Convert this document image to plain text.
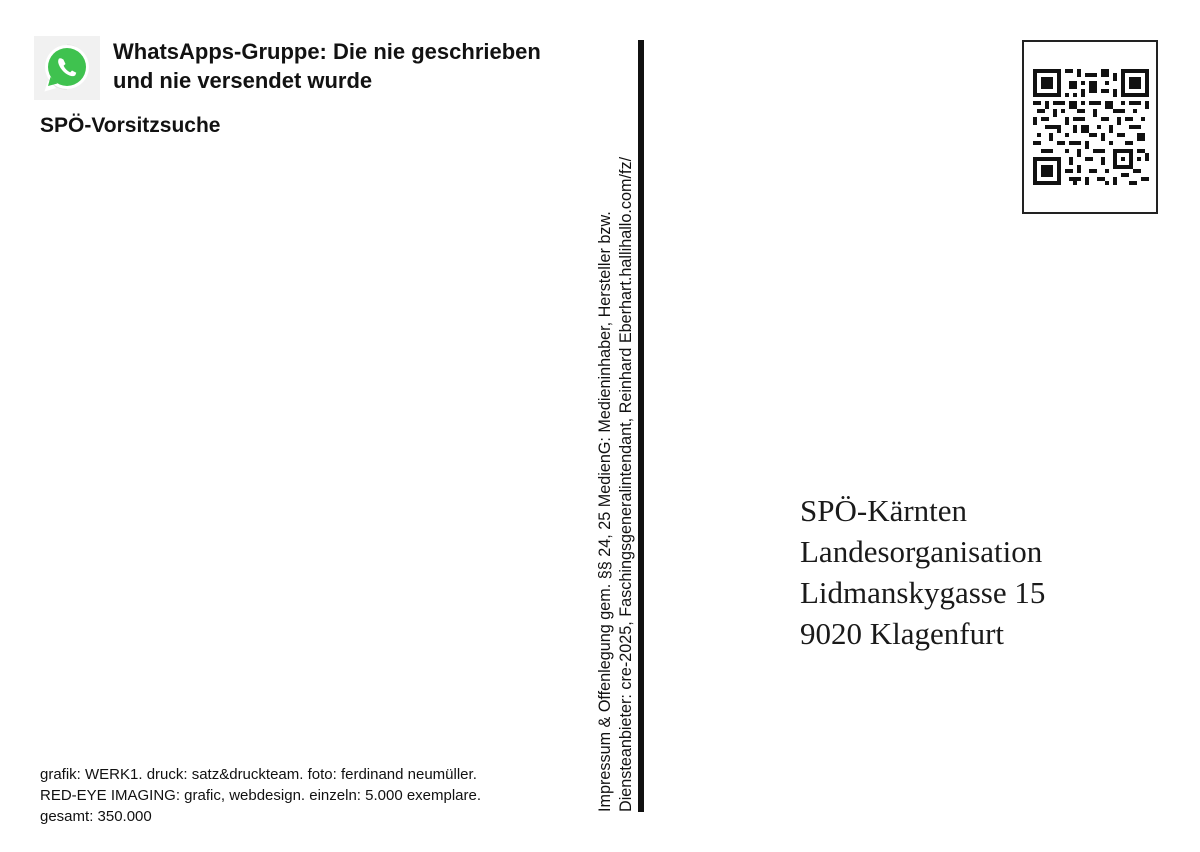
WhatsApps-Gruppe: Die nie geschrieben
und nie versendet wurde
SPÖ-Vorsitzsuche
grafik: WERK1. druck: satz&druckteam. foto: ferdinand neumüller.
RED-EYE IMAGING: grafic, webdesign. einzeln: 5.000 exemplare.
gesamt: 350.000
Impressum & Offenlegung gem. §§ 24, 25 MedienG: Medieninhaber, Hersteller bzw. Diensteanbieter: cre-2025, Faschingsgeneralintendant, Reinhard Eberhart.hallihallo.com/fz/	SPÖ-Kärnten
Landesorganisation
Lidmanskygasse 15
9020 Klagenfurt
